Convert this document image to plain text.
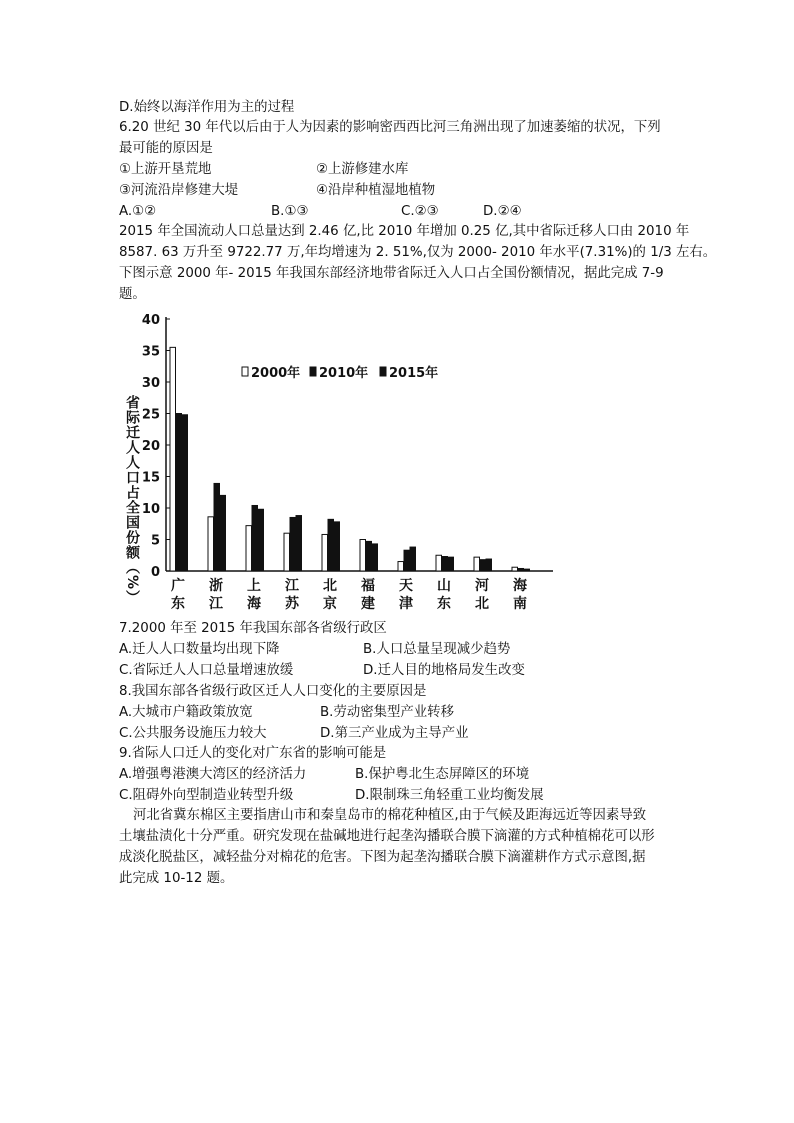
D.始终以海洋作用为主的过程
6.20 世纪 30 年代以后由于人为因素的影响密西西比河三角洲出现了加速萎缩的状况，下列
最可能的原因是
①上游开垦荒地	②上游修建水库
③河流沿岸修建大堤	④沿岸种植湿地植物
A.①②	B.①③	C.②③	D.②④
2015 年全国流动人口总量达到 2.46 亿,比 2010 年增加 0.25 亿,其中省际迁移人口由 2010 年
8587. 63 万升至 9722.77 万,年均增速为 2. 51%,仅为 2000- 2010 年水平(7.31%)的 1/3 左右。
下图示意 2000 年- 2015 年我国东部经济地带省际迁入人口占全国份额情况，据此完成 7-9
题。
0
5
10
15
20
25
30
35
40
广
东
浙
江
上
海
江
苏
北
京
福
建
天
津
山
东
河
北
海
南
2000年 2010年 2015年
省际迁人人口占全国份额（%）
7.2000 年至 2015 年我国东部各省级行政区
A.迁人人口数量均出现下降	B.人口总量呈现减少趋势
C.省际迁人人口总量增速放缓	D.迁人目的地格局发生改变
8.我国东部各省级行政区迁人人口变化的主要原因是
A.大城市户籍政策放宽	B.劳动密集型产业转移
C.公共服务设施压力较大	D.第三产业成为主导产业
9.省际人口迁人的变化对广东省的影响可能是
A.增强粤港澳大湾区的经济活力	B.保护粤北生态屏障区的环境
C.阻碍外向型制造业转型升级	D.限制珠三角轻重工业均衡发展
河北省冀东棉区主要指唐山市和秦皇岛市的棉花种植区,由于气候及距海远近等因素导致
土壤盐渍化十分严重。研究发现在盐碱地进行起垄沟播联合膜下滴灌的方式种植棉花可以形
成淡化脱盐区，减轻盐分对棉花的危害。下图为起垄沟播联合膜下滴灌耕作方式示意图,据
此完成 10-12 题。
